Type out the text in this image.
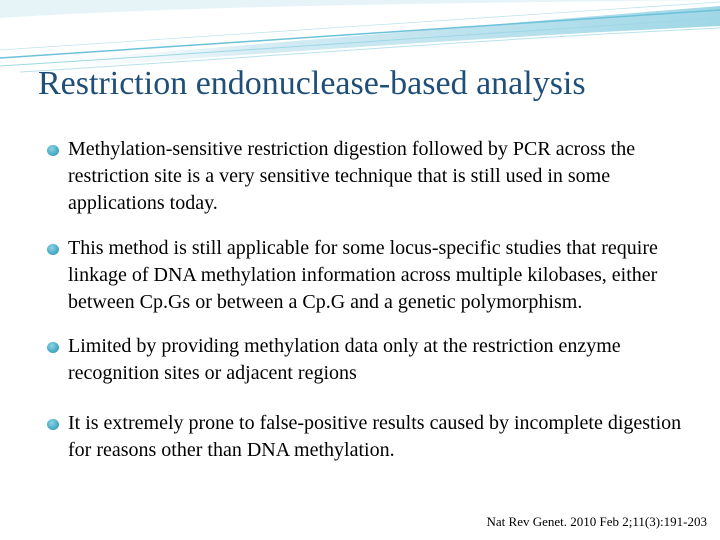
Restriction endonuclease-based analysis
Methylation-sensitive restriction digestion followed by PCR across the restriction site is a very sensitive technique that is still used in some applications today.
This method is still applicable for some locus-specific studies that require linkage of DNA methylation information across multiple kilobases, either between Cp.Gs or between a Cp.G and a genetic polymorphism.
Limited by providing methylation data only at the restriction enzyme recognition sites or adjacent regions
It is extremely prone to false-positive results caused by incomplete digestion for reasons other than DNA methylation.
Nat Rev Genet. 2010 Feb 2;11(3):191-203
